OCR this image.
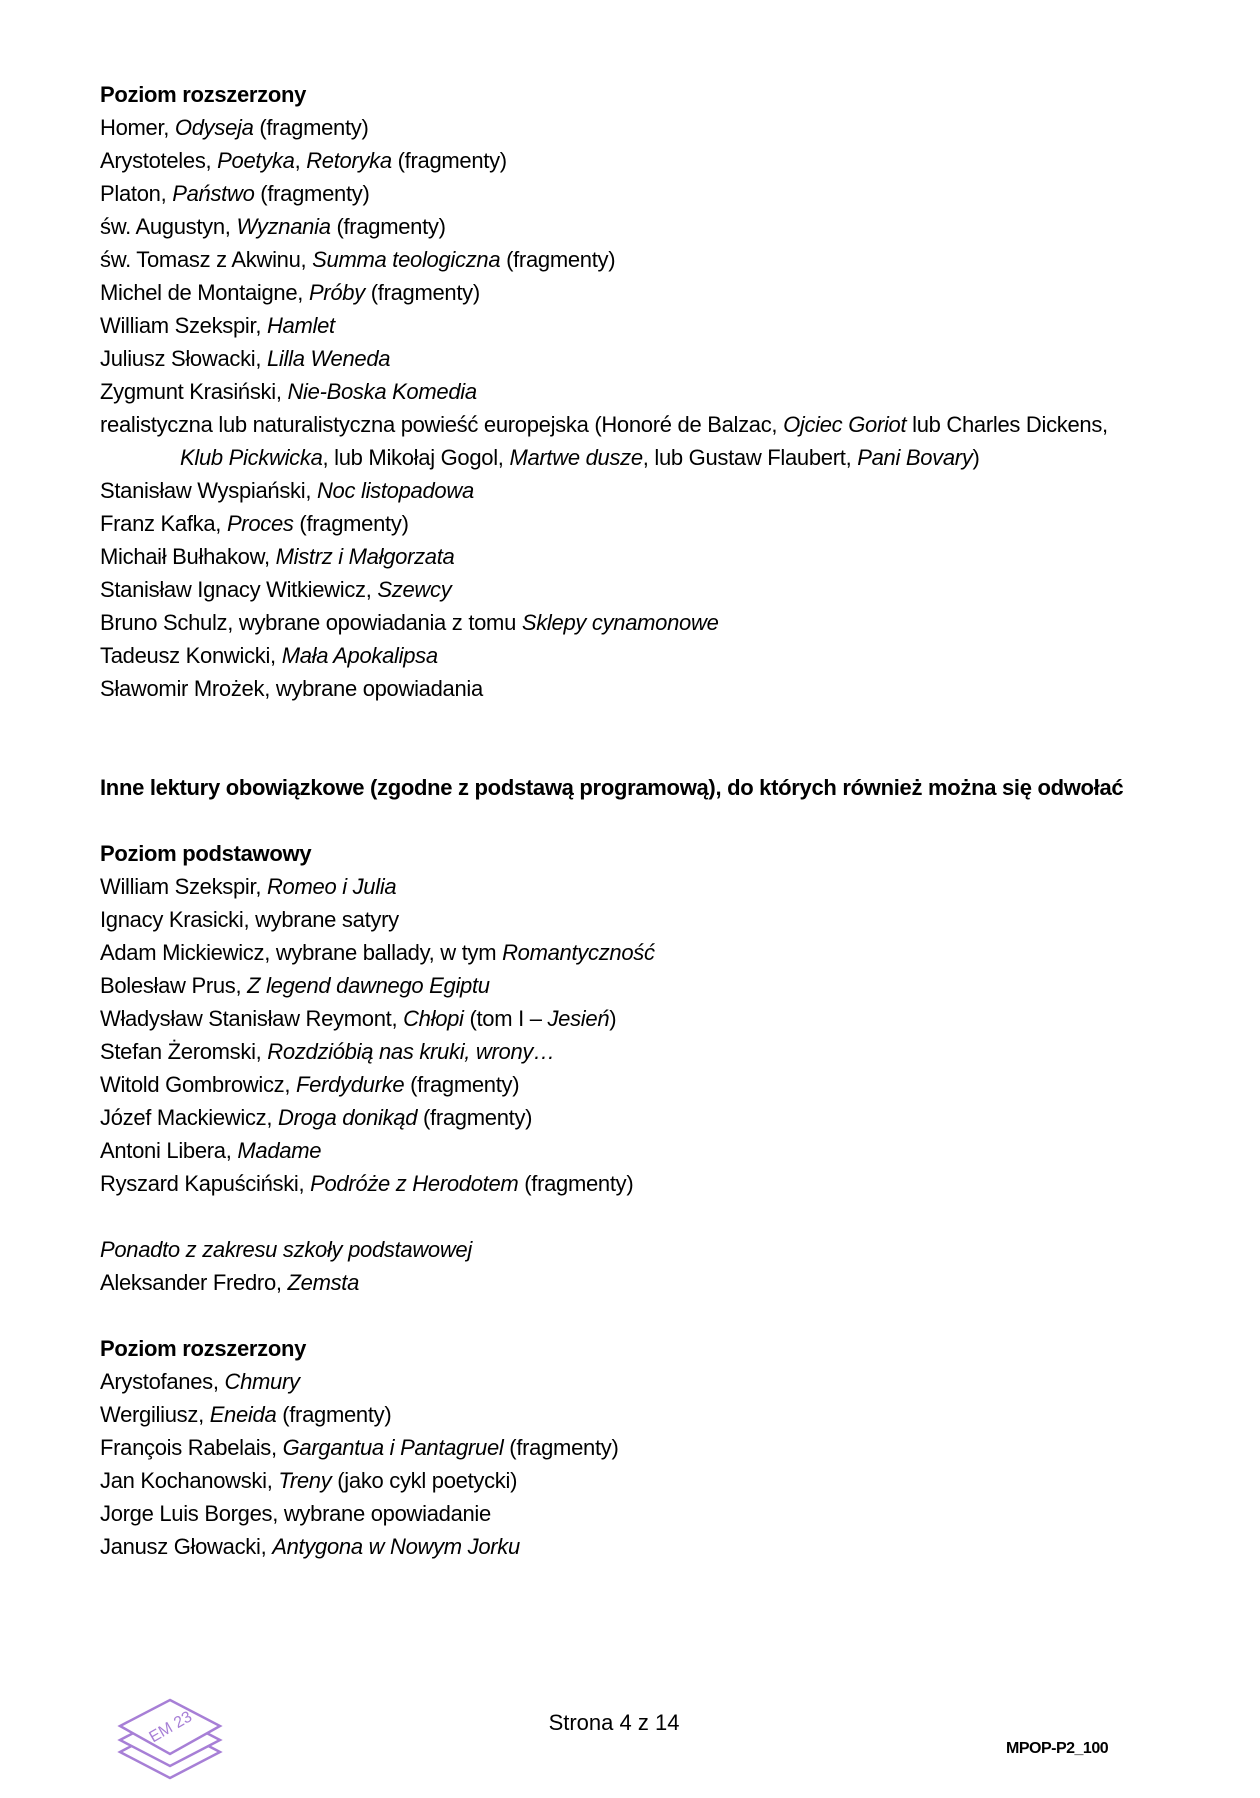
Poziom rozszerzony
Homer, Odyseja (fragmenty)
Arystoteles, Poetyka, Retoryka (fragmenty)
Platon, Państwo (fragmenty)
św. Augustyn, Wyznania (fragmenty)
św. Tomasz z Akwinu, Summa teologiczna (fragmenty)
Michel de Montaigne, Próby (fragmenty)
William Szekspir, Hamlet
Juliusz Słowacki, Lilla Weneda
Zygmunt Krasiński, Nie-Boska Komedia
realistyczna lub naturalistyczna powieść europejska (Honoré de Balzac, Ojciec Goriot lub Charles Dickens, Klub Pickwicka, lub Mikołaj Gogol, Martwe dusze, lub Gustaw Flaubert, Pani Bovary)
Stanisław Wyspiański, Noc listopadowa
Franz Kafka, Proces (fragmenty)
Michaił Bułhakow, Mistrz i Małgorzata
Stanisław Ignacy Witkiewicz, Szewcy
Bruno Schulz, wybrane opowiadania z tomu Sklepy cynamonowe
Tadeusz Konwicki, Mała Apokalipsa
Sławomir Mrożek, wybrane opowiadania
Inne lektury obowiązkowe (zgodne z podstawą programową), do których również można się odwołać
Poziom podstawowy
William Szekspir, Romeo i Julia
Ignacy Krasicki, wybrane satyry
Adam Mickiewicz, wybrane ballady, w tym Romantyczność
Bolesław Prus, Z legend dawnego Egiptu
Władysław Stanisław Reymont, Chłopi (tom I – Jesień)
Stefan Żeromski, Rozdzióbią nas kruki, wrony…
Witold Gombrowicz, Ferdydurke (fragmenty)
Józef Mackiewicz, Droga donikąd (fragmenty)
Antoni Libera, Madame
Ryszard Kapuściński, Podróże z Herodotem (fragmenty)
Ponadto z zakresu szkoły podstawowej
Aleksander Fredro, Zemsta
Poziom rozszerzony
Arystofanes, Chmury
Wergiliusz, Eneida (fragmenty)
François Rabelais, Gargantua i Pantagruel (fragmenty)
Jan Kochanowski, Treny (jako cykl poetycki)
Jorge Luis Borges, wybrane opowiadanie
Janusz Głowacki, Antygona w Nowym Jorku
EM 23	Strona 4 z 14
MPOP-P2_100
